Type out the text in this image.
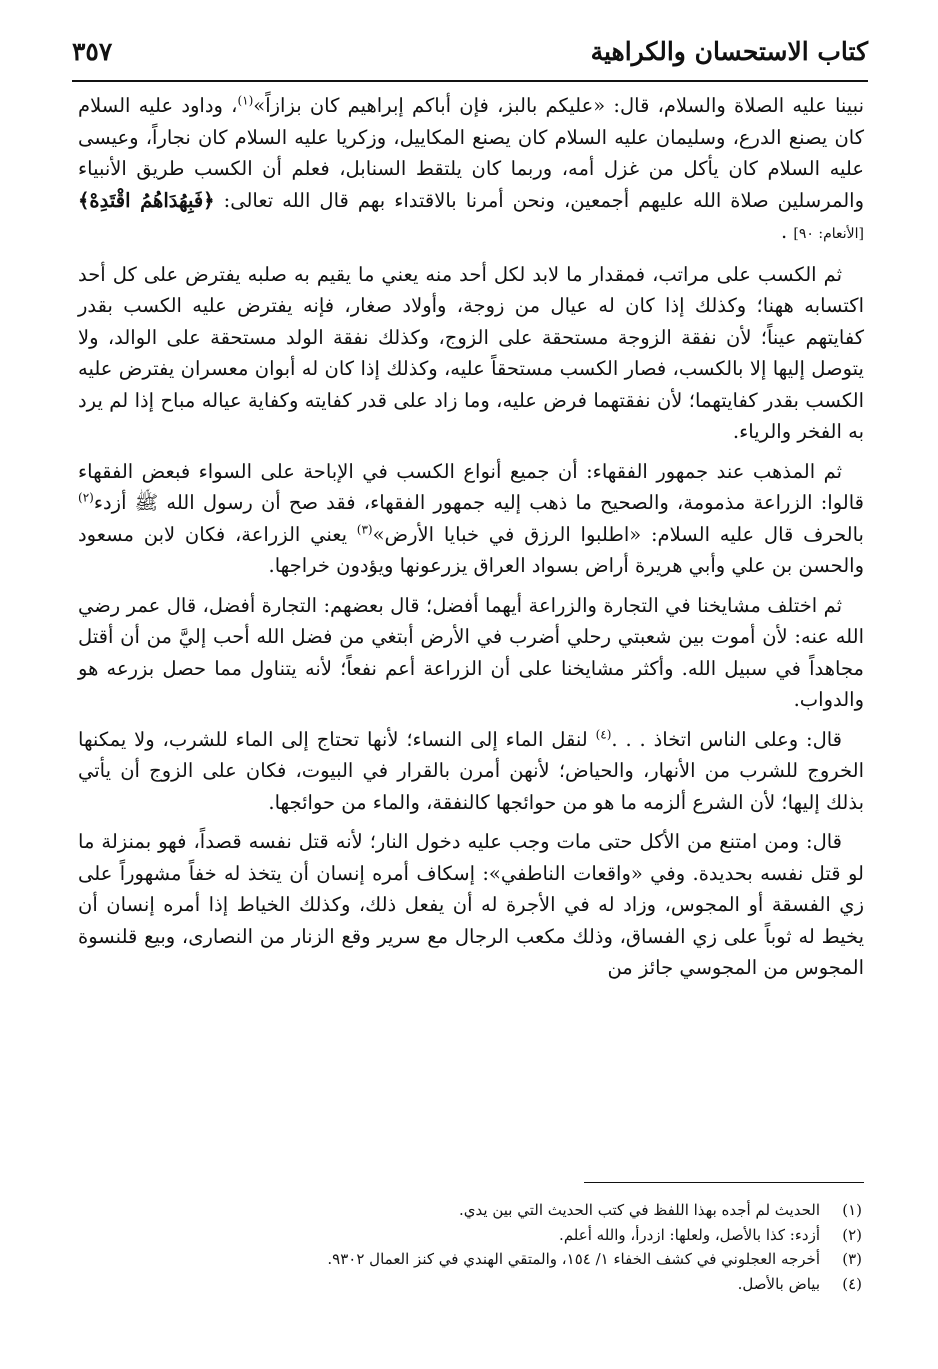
كتاب الاستحسان والكراهية
٣٥٧

نبينا عليه الصلاة والسلام، قال: «عليكم بالبز، فإن أباكم إبراهيم كان بزازاً»$^{(١)}$، وداود عليه السلام كان يصنع الدرع، وسليمان عليه السلام كان يصنع المكاييل، وزكريا عليه السلام كان نجاراً، وعيسى عليه السلام كان يأكل من غزل أمه، وربما كان يلتقط السنابل، فعلم أن الكسب طريق الأنبياء والمرسلين صلاة الله عليهم أجمعين، ونحن أمرنا بالاقتداء بهم قال الله تعالى: ﴿فَبِهُدَاهُمُ اقْتَدِهْ﴾ [الأنعام: ٩٠] .

ثم الكسب على مراتب، فمقدار ما لابد لكل أحد منه يعني ما يقيم به صلبه يفترض على كل أحد اكتسابه ههنا؛ وكذلك إذا كان له عيال من زوجة، وأولاد صغار، فإنه يفترض عليه الكسب بقدر كفايتهم عيناً؛ لأن نفقة الزوجة مستحقة على الزوج، وكذلك نفقة الولد مستحقة على الوالد، ولا يتوصل إليها إلا بالكسب، فصار الكسب مستحقاً عليه، وكذلك إذا كان له أبوان معسران يفترض عليه الكسب بقدر كفايتهما؛ لأن نفقتهما فرض عليه، وما زاد على قدر كفايته وكفاية عياله مباح إذا لم يرد به الفخر والرياء.

ثم المذهب عند جمهور الفقهاء: أن جميع أنواع الكسب في الإباحة على السواء فبعض الفقهاء قالوا: الزراعة مذمومة، والصحيح ما ذهب إليه جمهور الفقهاء، فقد صح أن رسول الله ﷺ أزدء$^{(٢)}$ بالحرف قال عليه السلام: «اطلبوا الرزق في خبايا الأرض»$^{(٣)}$ يعني الزراعة، فكان لابن مسعود والحسن بن علي وأبي هريرة أراض بسواد العراق يزرعونها ويؤدون خراجها.

ثم اختلف مشايخنا في التجارة والزراعة أيهما أفضل؛ قال بعضهم: التجارة أفضل، قال عمر رضي الله عنه: لأن أموت بين شعبتي رحلي أضرب في الأرض أبتغي من فضل الله أحب إليَّ من أن أقتل مجاهداً في سبيل الله. وأكثر مشايخنا على أن الزراعة أعم نفعاً؛ لأنه يتناول مما حصل بزرعه هو والدواب.

قال: وعلى الناس اتخاذ . . .$^{(٤)}$ لنقل الماء إلى النساء؛ لأنها تحتاج إلى الماء للشرب، ولا يمكنها الخروج للشرب من الأنهار، والحياض؛ لأنهن أمرن بالقرار في البيوت، فكان على الزوج أن يأتي بذلك إليها؛ لأن الشرع ألزمه ما هو من حوائجها كالنفقة، والماء من حوائجها.

قال: ومن امتنع من الأكل حتى مات وجب عليه دخول النار؛ لأنه قتل نفسه قصداً، فهو بمنزلة ما لو قتل نفسه بحديدة. وفي «واقعات الناطفي»: إسكاف أمره إنسان أن يتخذ له خفاً مشهوراً على زي الفسقة أو المجوس، وزاد له في الأجرة له أن يفعل ذلك، وكذلك الخياط إذا أمره إنسان أن يخيط له ثوباً على زي الفساق، وذلك مكعب الرجال مع سرير وقع الزنار من النصارى، وبيع قلنسوة المجوس من المجوسي جائز من

(١)
الحديث لم أجده بهذا اللفظ في كتب الحديث التي بين يدي.
(٢)
أزدء: كذا بالأصل، ولعلها: ازدرأ، والله أعلم.
(٣)
أخرجه العجلوني في كشف الخفاء ١/ ١٥٤، والمتقي الهندي في كنز العمال ٩٣٠٢.
(٤)
بياض بالأصل.
